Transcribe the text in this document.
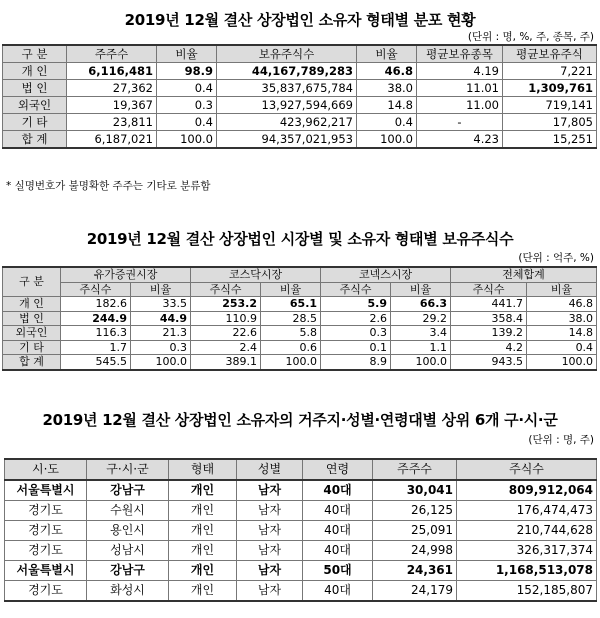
2019년 12월 결산 상장법인 소유자 형태별 분포 현황
(단위 : 명, %, 주, 종목, 주)
구 분	주주수	비율	보유주식수	비율	평균보유종목	평균보유주식
개 인	6,116,481	98.9	44,167,789,283	46.8	4.19	7,221
법 인	27,362	0.4	35,837,675,784	38.0	11.01	1,309,761
외국인	19,367	0.3	13,927,594,669	14.8	11.00	719,141
기 타	23,811	0.4	423,962,217	0.4	-	17,805
합 계	6,187,021	100.0	94,357,021,953	100.0	4.23	15,251
* 실명번호가 불명확한 주주는 기타로 분류함
2019년 12월 결산 상장법인 시장별 및 소유자 형태별 보유주식수
(단위 : 억주, %)
구 분	유가증권시장		코스닥시장		코넥스시장		전체합계	
	주식수	비율	주식수	비율	주식수	비율	주식수	비율
개 인	182.6	33.5	253.2	65.1	5.9	66.3	441.7	46.8
법 인	244.9	44.9	110.9	28.5	2.6	29.2	358.4	38.0
외국인	116.3	21.3	22.6	5.8	0.3	3.4	139.2	14.8
기 타	1.7	0.3	2.4	0.6	0.1	1.1	4.2	0.4
합 계	545.5	100.0	389.1	100.0	8.9	100.0	943.5	100.0
2019년 12월 결산 상장법인 소유자의 거주지·성별·연령대별 상위 6개 구·시·군
(단위 : 명, 주)
시·도	구·시·군	형태	성별	연령	주주수	주식수
서울특별시	강남구	개인	남자	40대	30,041	809,912,064
경기도	수원시	개인	남자	40대	26,125	176,474,473
경기도	용인시	개인	남자	40대	25,091	210,744,628
경기도	성남시	개인	남자	40대	24,998	326,317,374
서울특별시	강남구	개인	남자	50대	24,361	1,168,513,078
경기도	화성시	개인	남자	40대	24,179	152,185,807
